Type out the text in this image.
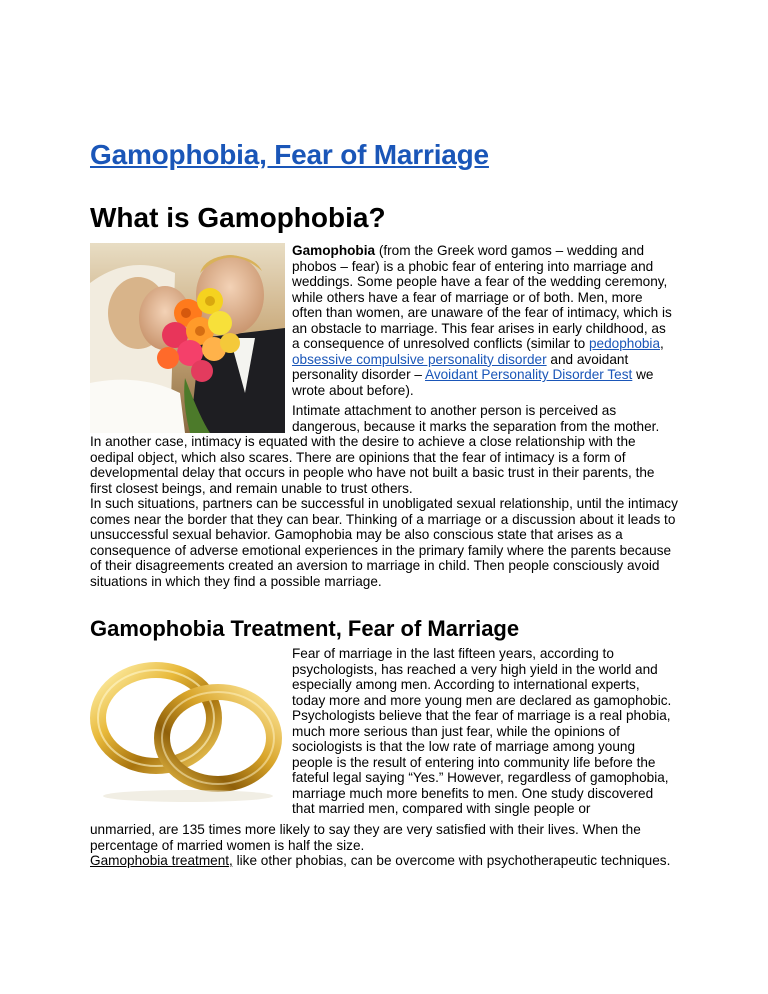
Gamophobia, Fear of Marriage
What is Gamophobia?
Gamophobia (from the Greek word gamos – wedding and phobos – fear) is a phobic fear of entering into marriage and weddings. Some people have a fear of the wedding ceremony, while others have a fear of marriage or of both. Men, more often than women, are unaware of the fear of intimacy, which is an obstacle to marriage. This fear arises in early childhood, as a consequence of unresolved conflicts (similar to pedophobia, obsessive compulsive personality disorder and avoidant personality disorder – Avoidant Personality Disorder Test we wrote about before).
Intimate attachment to another person is perceived as dangerous, because it marks the separation from the mother.
In another case, intimacy is equated with the desire to achieve a close relationship with the oedipal object, which also scares. There are opinions that the fear of intimacy is a form of developmental delay that occurs in people who have not built a basic trust in their parents, the first closest beings, and remain unable to trust others.
In such situations, partners can be successful in unobligated sexual relationship, until the intimacy comes near the border that they can bear. Thinking of a marriage or a discussion about it leads to unsuccessful sexual behavior. Gamophobia may be also conscious state that arises as a consequence of adverse emotional experiences in the primary family where the parents because of their disagreements created an aversion to marriage in child. Then people consciously avoid situations in which they find a possible marriage.
Gamophobia Treatment, Fear of Marriage
Fear of marriage in the last fifteen years, according to psychologists, has reached a very high yield in the world and especially among men. According to international experts, today more and more young men are declared as gamophobic. Psychologists believe that the fear of marriage is a real phobia, much more serious than just fear, while the opinions of sociologists is that the low rate of marriage among young people is the result of entering into community life before the fateful legal saying “Yes.” However, regardless of gamophobia, marriage much more benefits to men. One study discovered that married men, compared with single people or
unmarried, are 135 times more likely to say they are very satisfied with their lives. When the percentage of married women is half the size.
Gamophobia treatment, like other phobias, can be overcome with psychotherapeutic techniques.
